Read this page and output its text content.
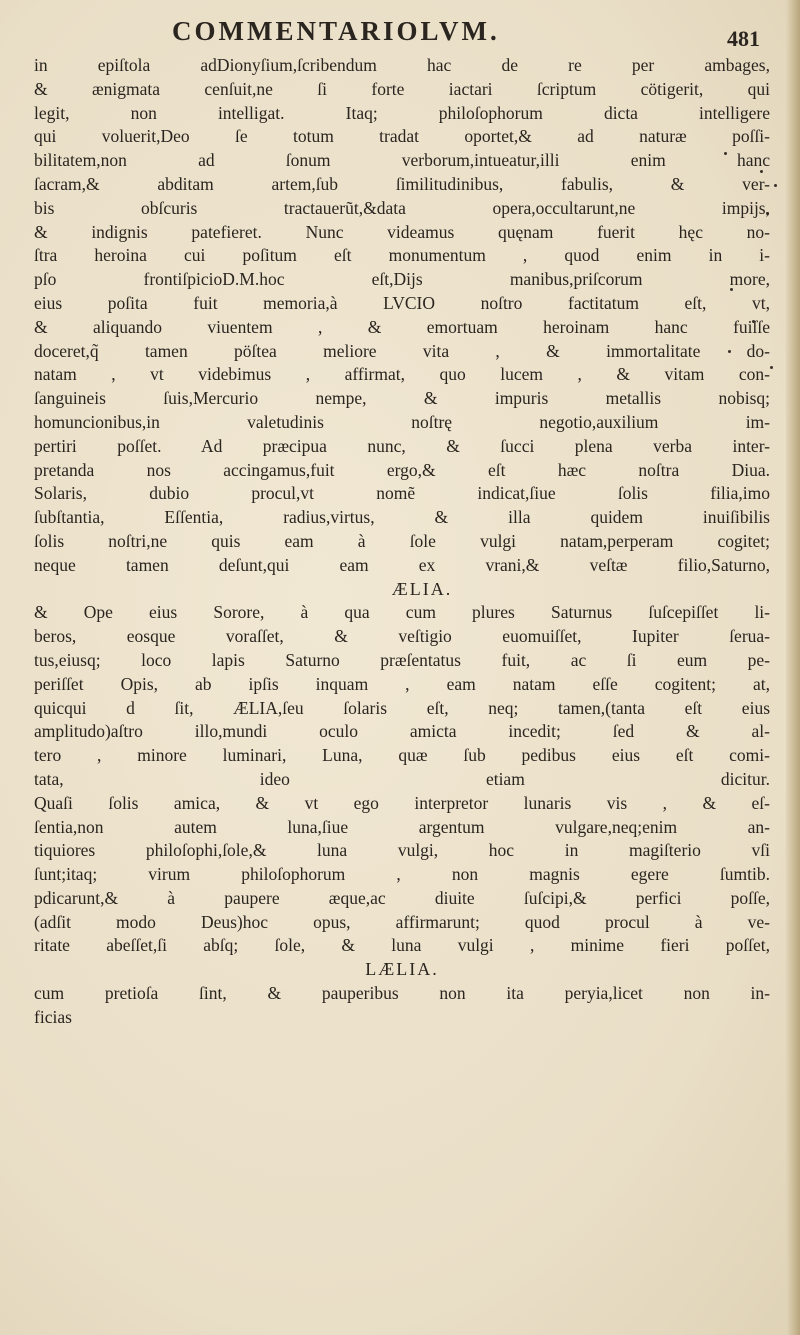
COMMENTARIOLVM.	481
in epiſtola adDionyſium,ſcribendum hac de re per ambages,
& ænigmata cenſuit,ne ſi forte iactari ſcriptum cötigerit, qui
legit, non intelligat. Itaq; philoſophorum dicta intelligere
qui voluerit,Deo ſe totum tradat oportet,& ad naturæ poſſi-
bilitatem,non ad ſonum verborum,intueatur,illi enim hanc
ſacram,& abditam artem,ſub ſimilitudinibus, fabulis, & ver-
bis obſcuris tractauerũt,&data opera,occultarunt,ne impijs,
& indignis patefieret. Nunc videamus quęnam fuerit hęc no-
ſtra heroina cui poſitum eſt monumentum , quod enim in i-
pſo frontiſpicioD.M.hoc eſt,Dijs manibus,priſcorum more,
eius poſita fuit memoria,à LVCIO noſtro factitatum eſt, vt,
& aliquando viuentem , & emortuam heroinam hanc fuiſſe
doceret,q̃ tamen pöſtea meliore vita , & immortalitate do-
natam , vt videbimus , affirmat, quo lucem , & vitam con-
ſanguineis ſuis,Mercurio nempe, & impuris metallis nobisq;
homuncionibus,in valetudinis noſtrę negotio,auxilium im-
pertiri poſſet. Ad præcipua nunc, & ſucci plena verba inter-
pretanda nos accingamus,fuit ergo,& eſt hæc noſtra Diua.
Solaris, dubio procul,vt nomẽ indicat,ſiue ſolis filia,imo
ſubſtantia, Eſſentia, radius,virtus, & illa quidem inuiſibilis
ſolis noſtri,ne quis eam à ſole vulgi natam,perperam cogitet;
neque tamen deſunt,qui eam ex vrani,& veſtæ filio,Saturno,
ÆLIA.
& Ope eius Sorore, à qua cum plures Saturnus ſuſcepiſſet li-
beros, eosque voraſſet, & veſtigio euomuiſſet, Iupiter ſerua-
tus,eiusq; loco lapis Saturno præſentatus fuit, ac ſi eum pe-
periſſet Opis, ab ipſis inquam , eam natam eſſe cogitent; at,
quicqui d ſit, ÆLIA,ſeu ſolaris eſt, neq; tamen,(tanta eſt eius
amplitudo)aſtro illo,mundi oculo amicta incedit; ſed & al-
tero , minore luminari, Luna, quæ ſub pedibus eius eſt comi-
tata, ideo etiam dicitur.
Quaſi ſolis amica, & vt ego interpretor lunaris vis , & eſ-
ſentia,non autem luna,ſiue argentum vulgare,neq;enim an-
tiquiores philoſophi,ſole,& luna vulgi, hoc in magiſterio vſi
ſunt;itaq; virum philoſophorum , non magnis egere ſumtib.
pdicarunt,& à paupere æque,ac diuite ſuſcipi,& perfici poſſe,
(adſit modo Deus)hoc opus, affirmarunt; quod procul à ve-
ritate abeſſet,ſi abſq; ſole, & luna vulgi , minime fieri poſſet,
LÆLIA.
cum pretioſa ſint, & pauperibus non ita perуia,licet non in-
ficias
